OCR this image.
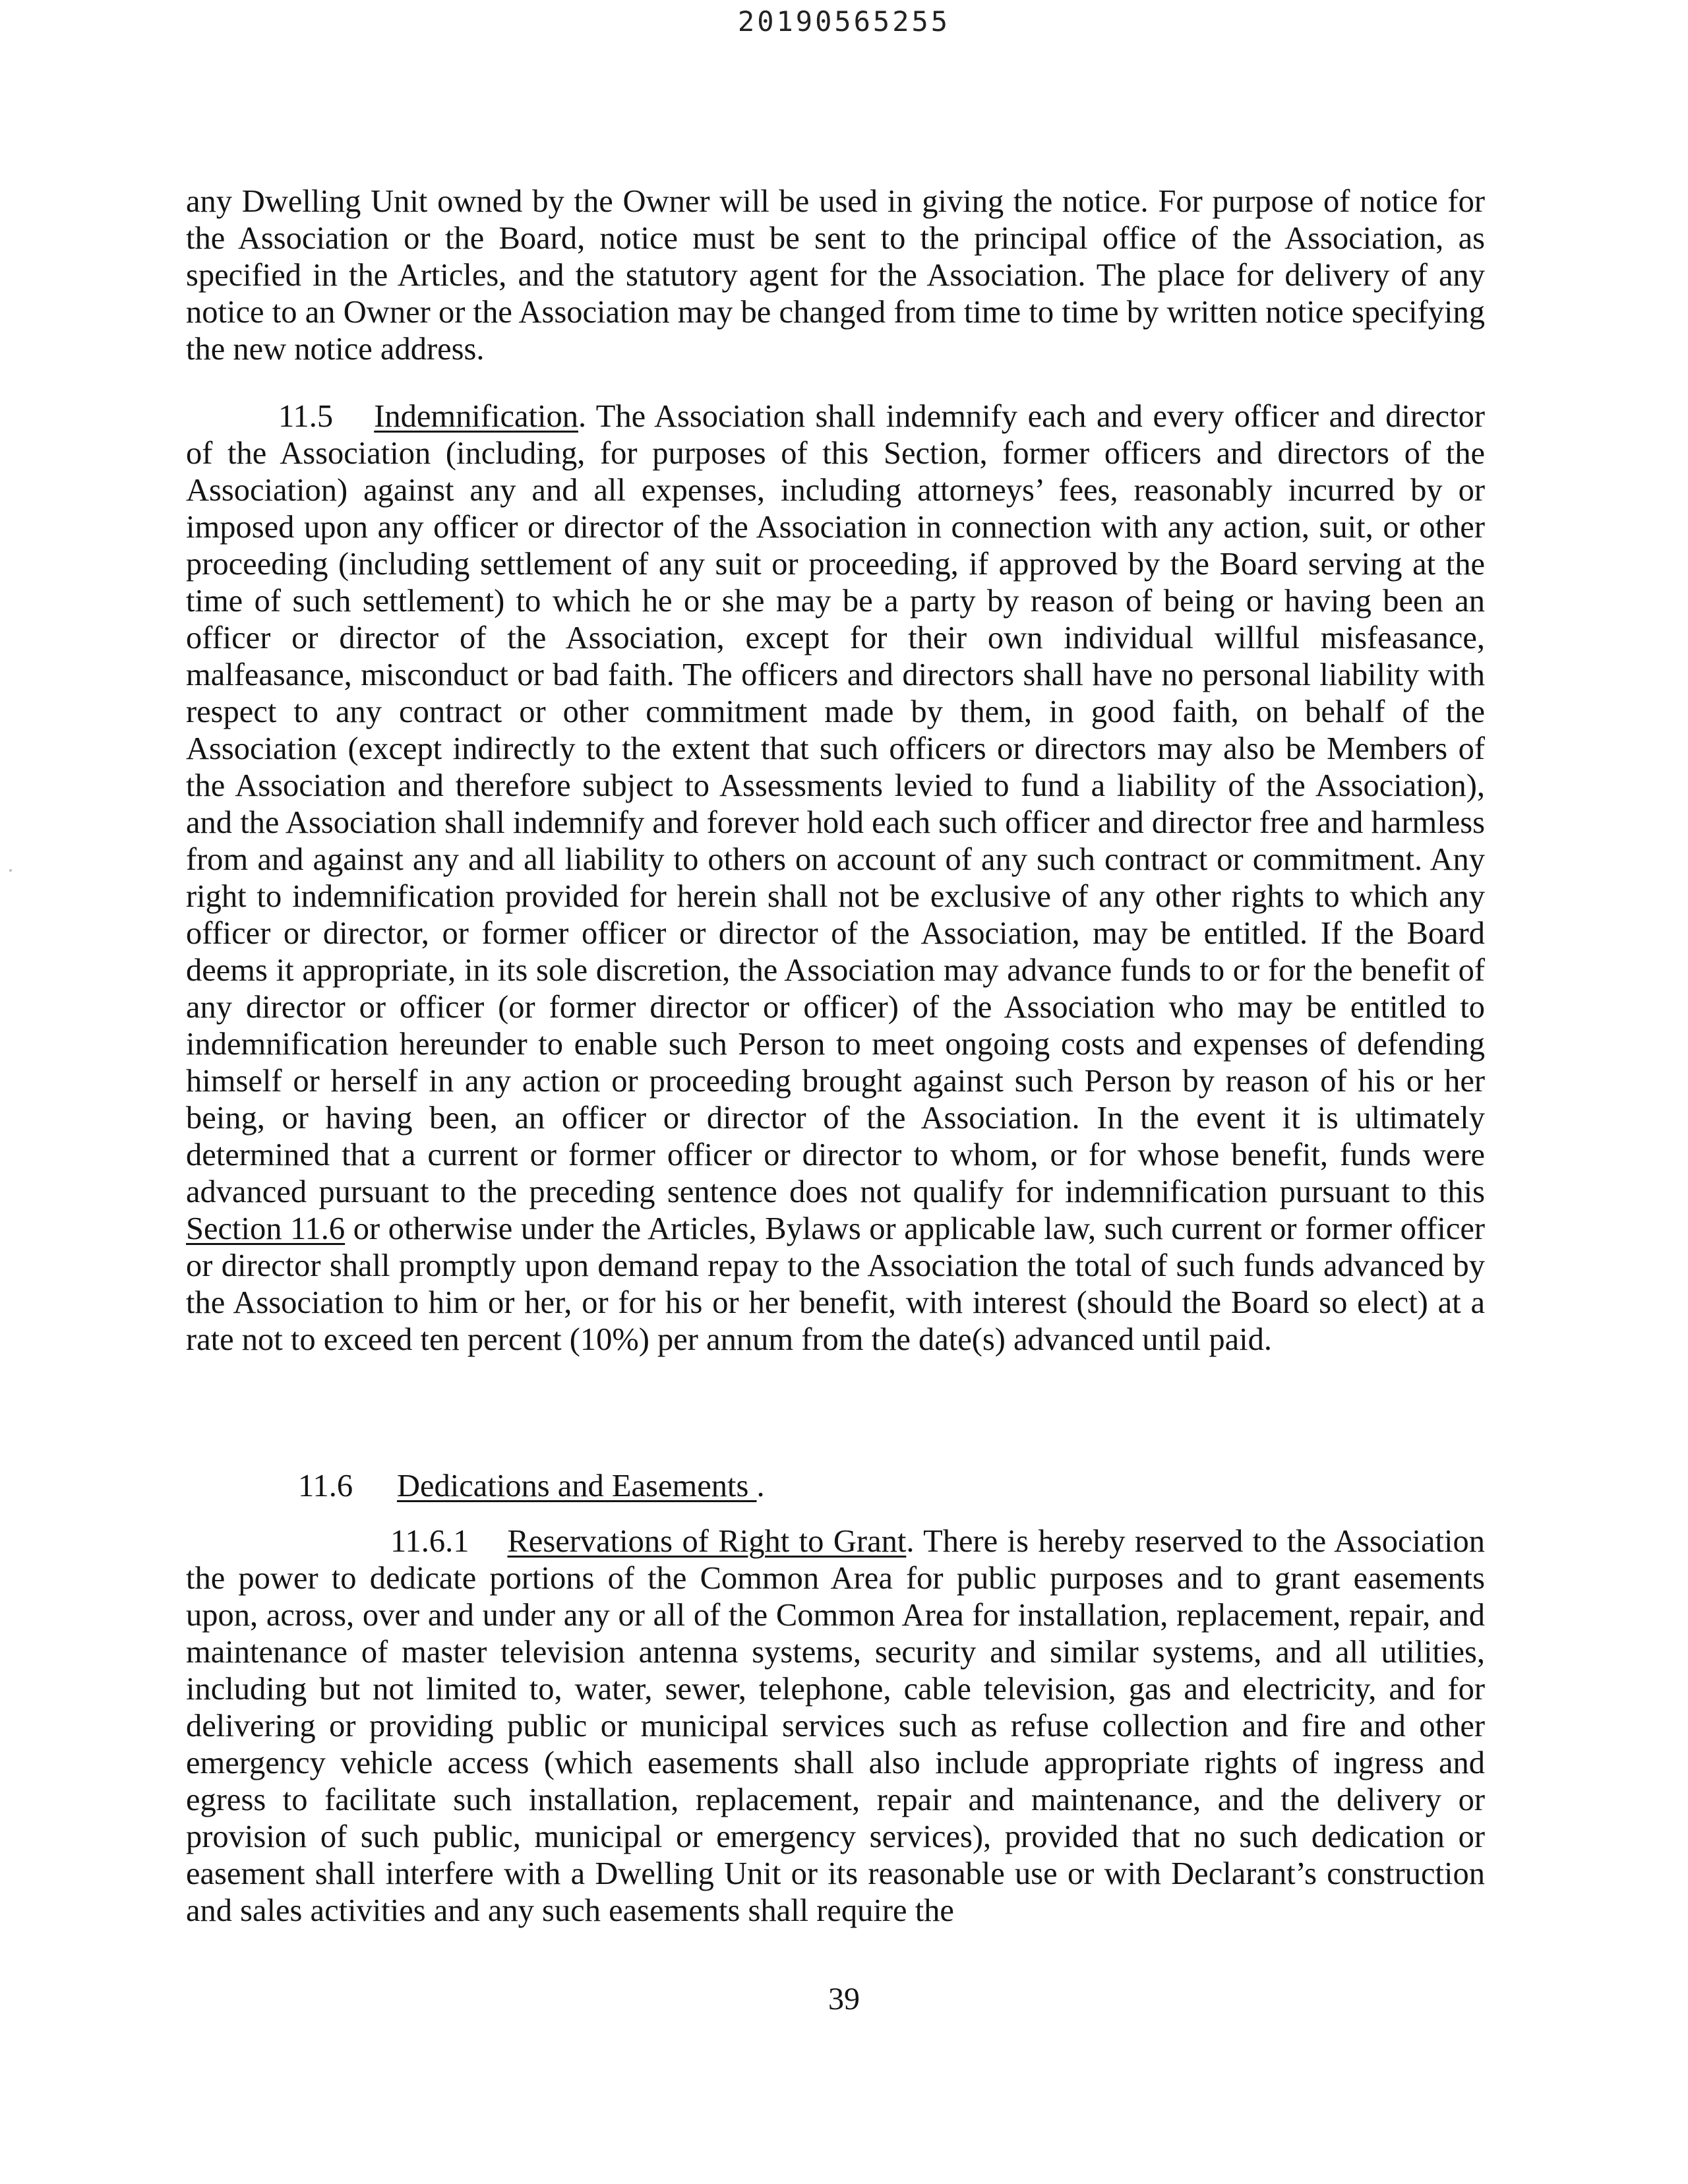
20190565255

any Dwelling Unit owned by the Owner will be used in giving the notice. For purpose of notice for the Association or the Board, notice must be sent to the principal office of the Association, as specified in the Articles, and the statutory agent for the Association. The place for delivery of any notice to an Owner or the Association may be changed from time to time by written notice specifying the new notice address.

11.5 Indemnification. The Association shall indemnify each and every officer and director of the Association (including, for purposes of this Section, former officers and directors of the Association) against any and all expenses, including attorneys’ fees, reasonably incurred by or imposed upon any officer or director of the Association in connection with any action, suit, or other proceeding (including settlement of any suit or proceeding, if approved by the Board serving at the time of such settlement) to which he or she may be a party by reason of being or having been an officer or director of the Association, except for their own individual willful misfeasance, malfeasance, misconduct or bad faith. The officers and directors shall have no personal liability with respect to any contract or other commitment made by them, in good faith, on behalf of the Association (except indirectly to the extent that such officers or directors may also be Members of the Association and therefore subject to Assessments levied to fund a liability of the Association), and the Association shall indemnify and forever hold each such officer and director free and harmless from and against any and all liability to others on account of any such contract or commitment. Any right to indemnification provided for herein shall not be exclusive of any other rights to which any officer or director, or former officer or director of the Association, may be entitled. If the Board deems it appropriate, in its sole discretion, the Association may advance funds to or for the benefit of any director or officer (or former director or officer) of the Association who may be entitled to indemnification hereunder to enable such Person to meet ongoing costs and expenses of defending himself or herself in any action or proceeding brought against such Person by reason of his or her being, or having been, an officer or director of the Association. In the event it is ultimately determined that a current or former officer or director to whom, or for whose benefit, funds were advanced pursuant to the preceding sentence does not qualify for indemnification pursuant to this Section 11.6 or otherwise under the Articles, Bylaws or applicable law, such current or former officer or director shall promptly upon demand repay to the Association the total of such funds advanced by the Association to him or her, or for his or her benefit, with interest (should the Board so elect) at a rate not to exceed ten percent (10%) per annum from the date(s) advanced until paid.

11.6 Dedications and Easements .

11.6.1 Reservations of Right to Grant. There is hereby reserved to the Association the power to dedicate portions of the Common Area for public purposes and to grant easements upon, across, over and under any or all of the Common Area for installation, replacement, repair, and maintenance of master television antenna systems, security and similar systems, and all utilities, including but not limited to, water, sewer, telephone, cable television, gas and electricity, and for delivering or providing public or municipal services such as refuse collection and fire and other emergency vehicle access (which easements shall also include appropriate rights of ingress and egress to facilitate such installation, replacement, repair and maintenance, and the delivery or provision of such public, municipal or emergency services), provided that no such dedication or easement shall interfere with a Dwelling Unit or its reasonable use or with Declarant’s construction and sales activities and any such easements shall require the

39
